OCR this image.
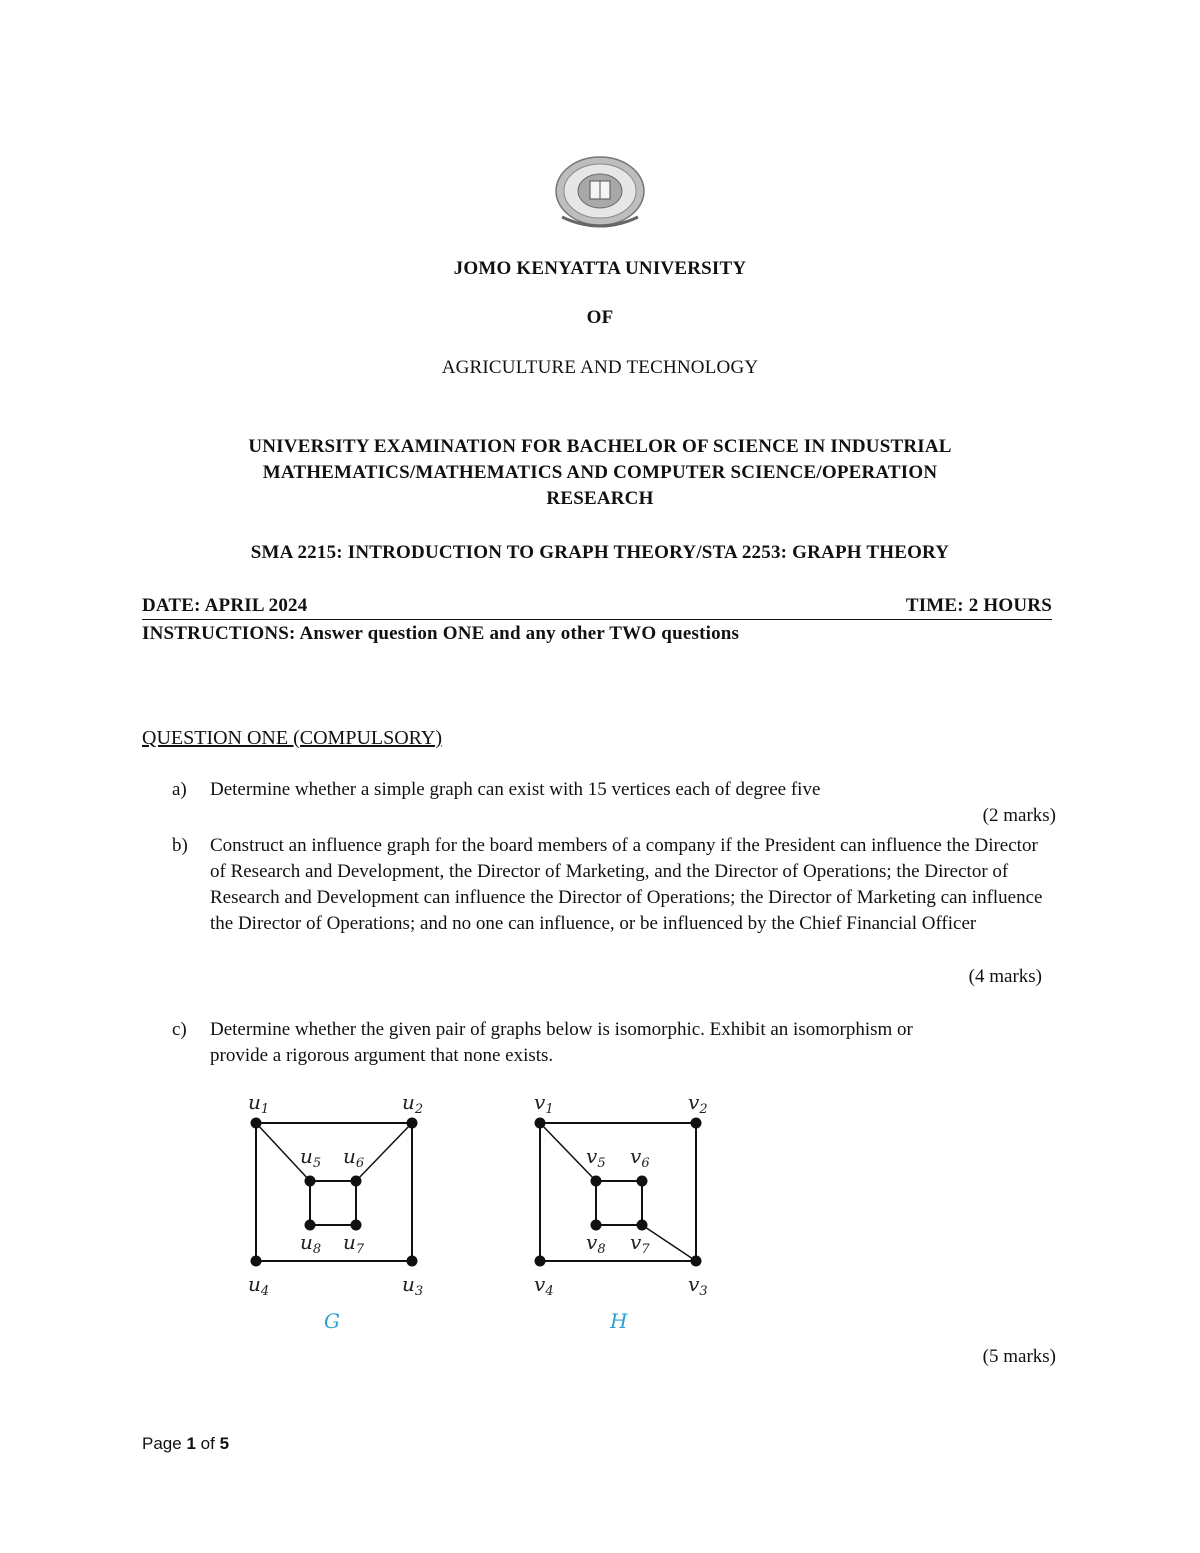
JOMO KENYATTA UNIVERSITY
OF
AGRICULTURE AND TECHNOLOGY
UNIVERSITY EXAMINATION FOR BACHELOR OF SCIENCE IN INDUSTRIAL
MATHEMATICS/MATHEMATICS AND COMPUTER SCIENCE/OPERATION
RESEARCH
SMA 2215: INTRODUCTION TO GRAPH THEORY/STA 2253: GRAPH THEORY
DATE: APRIL 2024	TIME: 2 HOURS
INSTRUCTIONS: Answer question ONE and any other TWO questions
QUESTION ONE (COMPULSORY)
a) Determine whether a simple graph can exist with 15 vertices each of degree five
(2 marks)
b) Construct an influence graph for the board members of a company if the President can influence the Director of Research and Development, the Director of Marketing, and the Director of Operations; the Director of Research and Development can influence the Director of Operations; the Director of Marketing can influence the Director of Operations; and no one can influence, or be influenced by the Chief Financial Officer
(4 marks)
c) Determine whether the given pair of graphs below is isomorphic. Exhibit an isomorphism or provide a rigorous argument that none exists.
$u_1$	$u_2$
$u_3$
$u_4$
$u_5$ $u_6$
$u_7$
$u_8$
G
$v_1$	$v_2$
$v_3$
$v_4$
$v_5$ $v_6$
$v_7$
$v_8$
H
(5 marks)
Page 1 of 5
